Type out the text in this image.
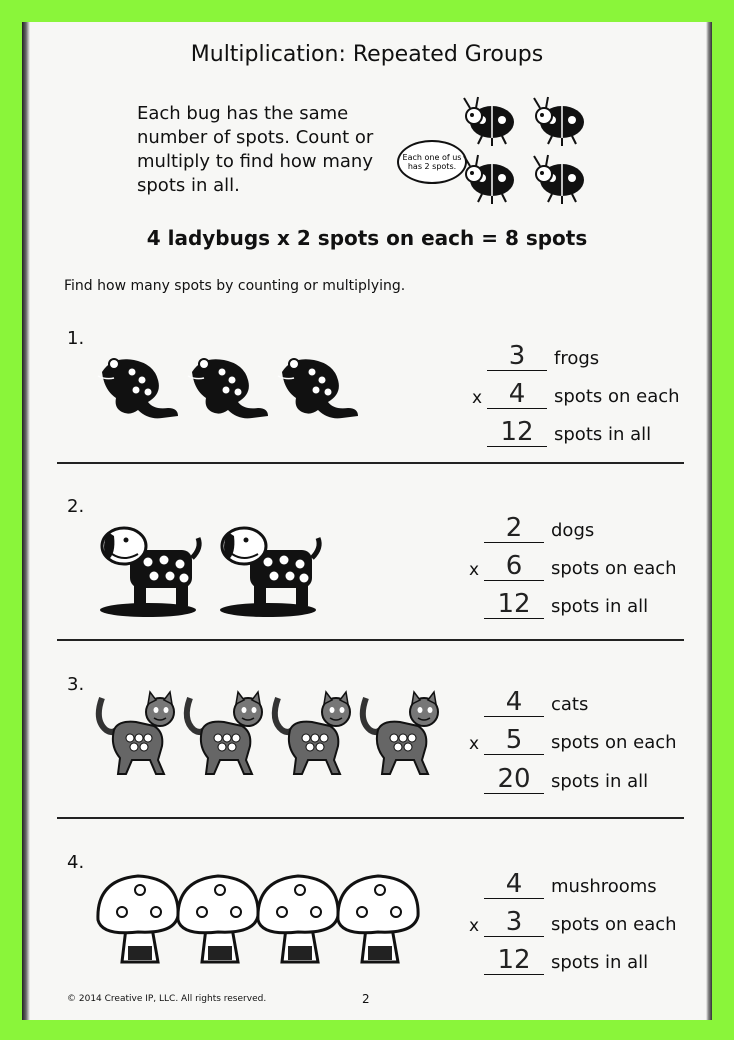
Multiplication: Repeated Groups
Each bug has the same number of spots. Count or multiply to find how many spots in all.
Each one of us has 2 spots.
4 ladybugs x 2 spots on each = 8 spots
Find how many spots by counting or multiplying.
1.
3	frogs
x	4	spots on each
12	spots in all
2.
2	dogs
x	6	spots on each
12	spots in all
3.
4	cats
x	5	spots on each
20	spots in all
4.
4	mushrooms
x	3	spots on each
12	spots in all
© 2014 Creative IP, LLC. All rights reserved.	2
